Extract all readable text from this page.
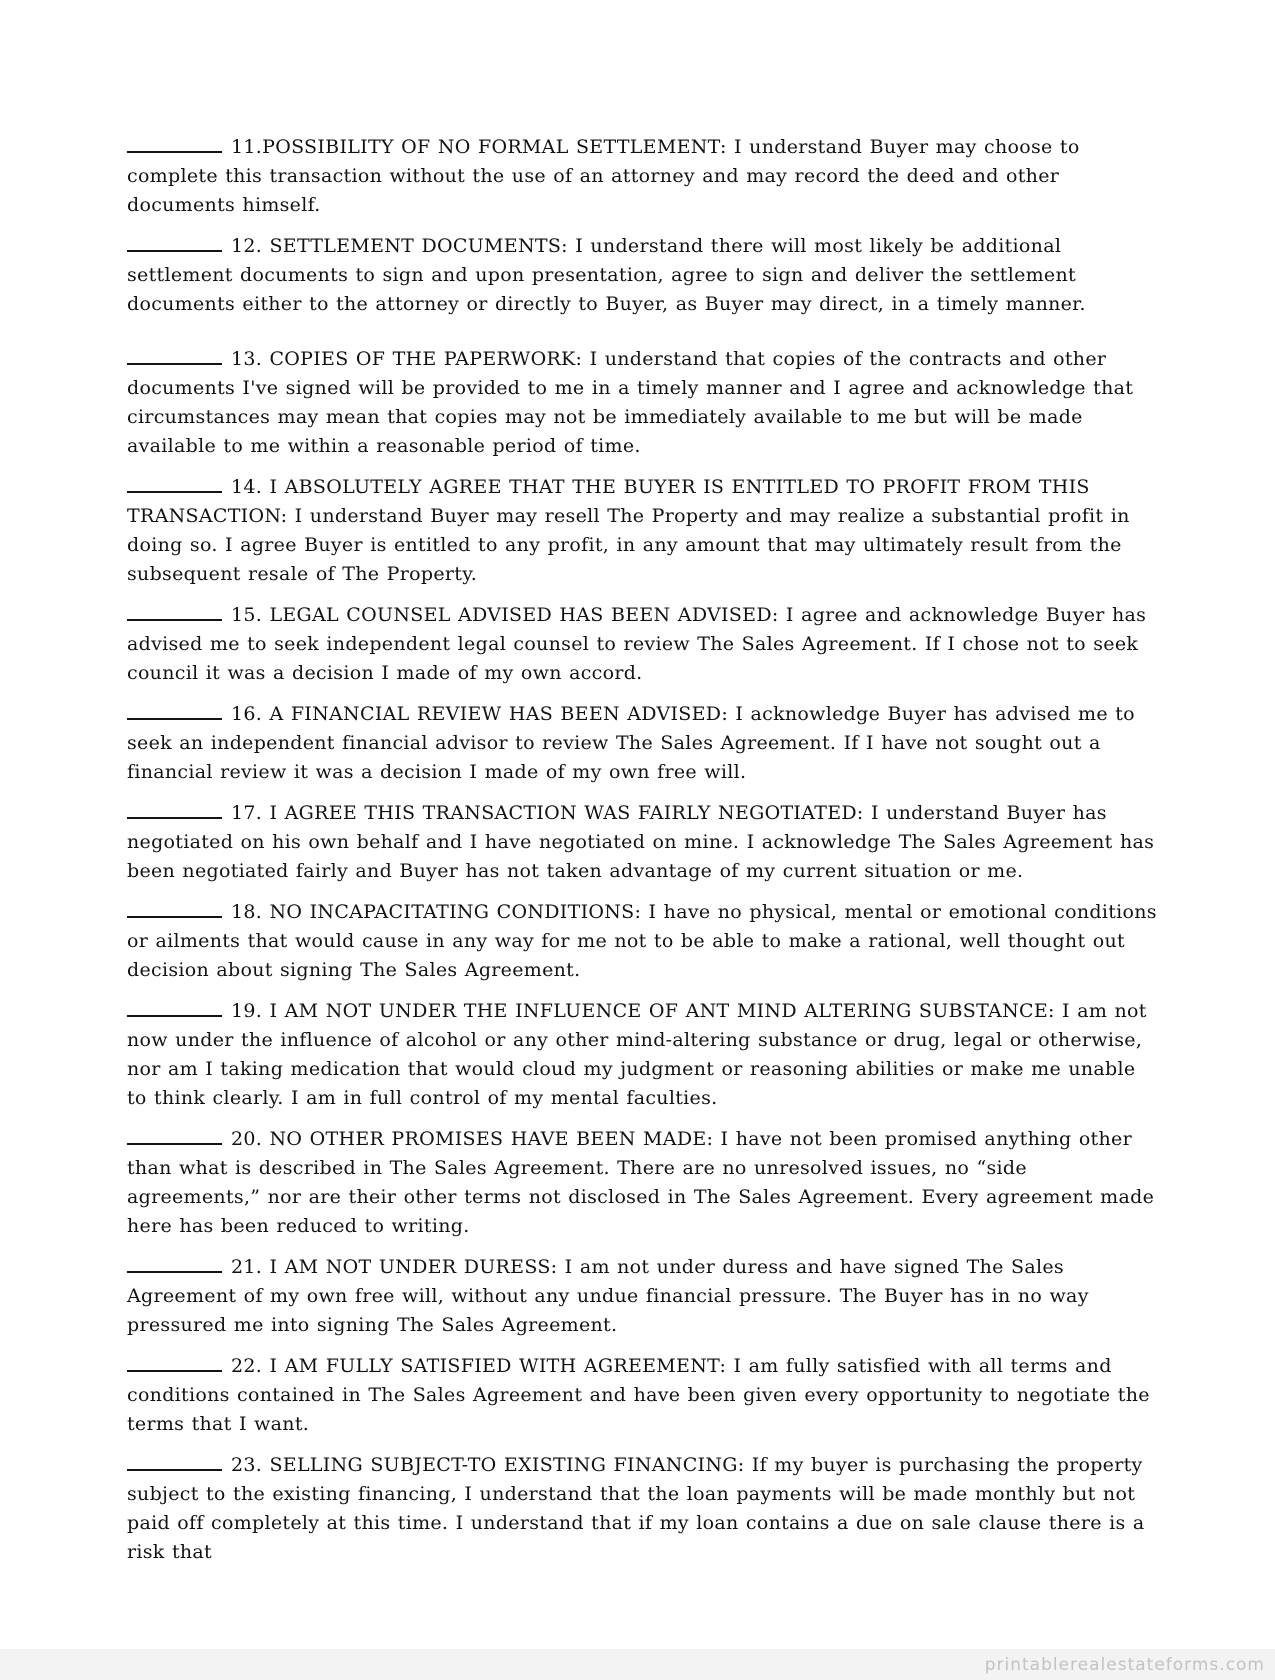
11.POSSIBILITY OF NO FORMAL SETTLEMENT: I understand Buyer may choose to complete this transaction without the use of an attorney and may record the deed and other documents himself.

12. SETTLEMENT DOCUMENTS: I understand there will most likely be additional settlement documents to sign and upon presentation, agree to sign and deliver the settlement documents either to the attorney or directly to Buyer, as Buyer may direct, in a timely manner.

13. COPIES OF THE PAPERWORK: I understand that copies of the contracts and other documents I've signed will be provided to me in a timely manner and I agree and acknowledge that circumstances may mean that copies may not be immediately available to me but will be made available to me within a reasonable period of time.

14. I ABSOLUTELY AGREE THAT THE BUYER IS ENTITLED TO PROFIT FROM THIS TRANSACTION: I understand Buyer may resell The Property and may realize a substantial profit in doing so. I agree Buyer is entitled to any profit, in any amount that may ultimately result from the subsequent resale of The Property.

15. LEGAL COUNSEL ADVISED HAS BEEN ADVISED: I agree and acknowledge Buyer has advised me to seek independent legal counsel to review The Sales Agreement. If I chose not to seek council it was a decision I made of my own accord.

16. A FINANCIAL REVIEW HAS BEEN ADVISED: I acknowledge Buyer has advised me to seek an independent financial advisor to review The Sales Agreement. If I have not sought out a financial review it was a decision I made of my own free will.

17. I AGREE THIS TRANSACTION WAS FAIRLY NEGOTIATED: I understand Buyer has negotiated on his own behalf and I have negotiated on mine. I acknowledge The Sales Agreement has been negotiated fairly and Buyer has not taken advantage of my current situation or me.

18. NO INCAPACITATING CONDITIONS: I have no physical, mental or emotional conditions or ailments that would cause in any way for me not to be able to make a rational, well thought out decision about signing The Sales Agreement.

19. I AM NOT UNDER THE INFLUENCE OF ANT MIND ALTERING SUBSTANCE: I am not now under the influence of alcohol or any other mind-altering substance or drug, legal or otherwise, nor am I taking medication that would cloud my judgment or reasoning abilities or make me unable to think clearly. I am in full control of my mental faculties.

20. NO OTHER PROMISES HAVE BEEN MADE: I have not been promised anything other than what is described in The Sales Agreement. There are no unresolved issues, no “side agreements,” nor are their other terms not disclosed in The Sales Agreement. Every agreement made here has been reduced to writing.

21. I AM NOT UNDER DURESS: I am not under duress and have signed The Sales Agreement of my own free will, without any undue financial pressure. The Buyer has in no way pressured me into signing The Sales Agreement.

22. I AM FULLY SATISFIED WITH AGREEMENT: I am fully satisfied with all terms and conditions contained in The Sales Agreement and have been given every opportunity to negotiate the terms that I want.

23. SELLING SUBJECT-TO EXISTING FINANCING: If my buyer is purchasing the property subject to the existing financing, I understand that the loan payments will be made monthly but not paid off completely at this time. I understand that if my loan contains a due on sale clause there is a risk that

printablerealestateforms.com
